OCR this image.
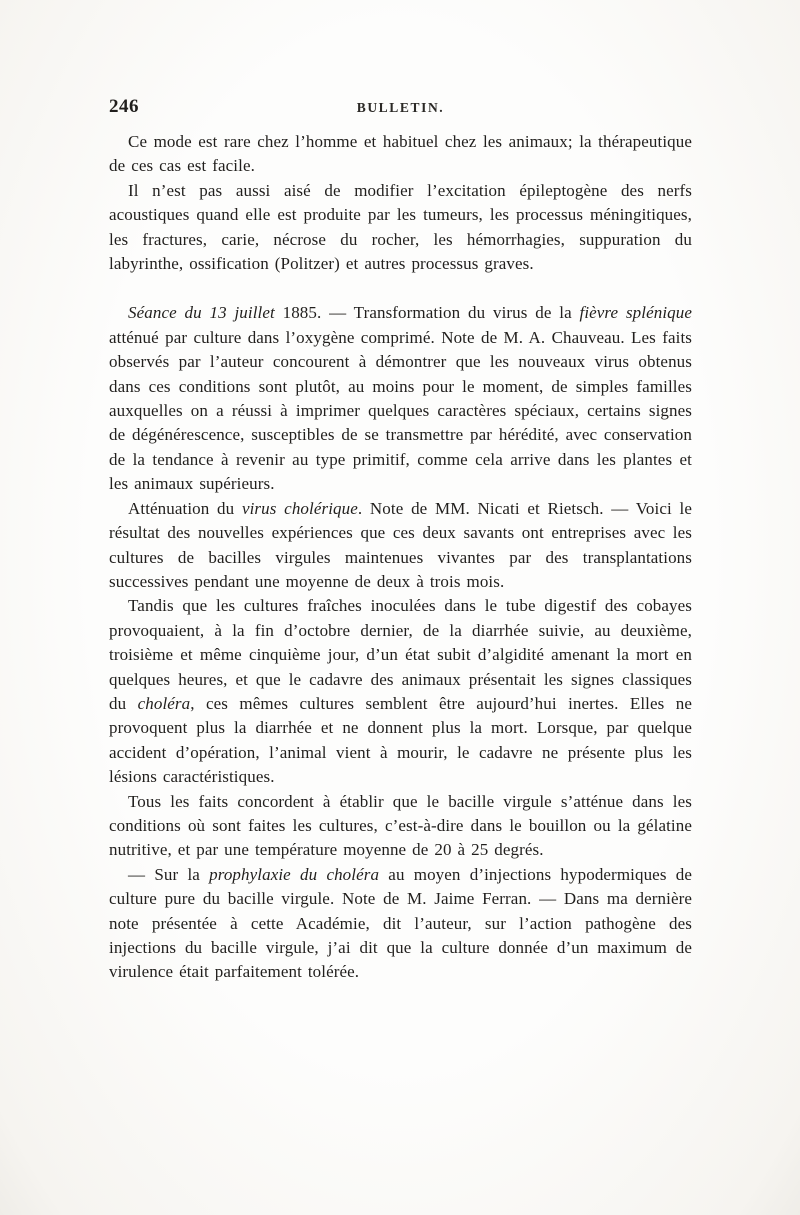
246	BULLETIN.

Ce mode est rare chez l’homme et habituel chez les animaux; la thérapeutique de ces cas est facile.

Il n’est pas aussi aisé de modifier l’excitation épileptogène des nerfs acoustiques quand elle est produite par les tumeurs, les processus méningitiques, les fractures, carie, nécrose du rocher, les hémorrhagies, suppuration du labyrinthe, ossification (Politzer) et autres processus graves.

Séance du 13 juillet 1885. — Transformation du virus de la fièvre splénique atténué par culture dans l’oxygène comprimé. Note de M. A. Chauveau. Les faits observés par l’auteur concourent à démontrer que les nouveaux virus obtenus dans ces conditions sont plutôt, au moins pour le moment, de simples familles auxquelles on a réussi à imprimer quelques caractères spéciaux, certains signes de dégénérescence, susceptibles de se transmettre par hérédité, avec conservation de la tendance à revenir au type primitif, comme cela arrive dans les plantes et les animaux supérieurs.

Atténuation du virus cholérique. Note de MM. Nicati et Rietsch. — Voici le résultat des nouvelles expériences que ces deux savants ont entreprises avec les cultures de bacilles virgules maintenues vivantes par des transplantations successives pendant une moyenne de deux à trois mois.

Tandis que les cultures fraîches inoculées dans le tube digestif des cobayes provoquaient, à la fin d’octobre dernier, de la diarrhée suivie, au deuxième, troisième et même cinquième jour, d’un état subit d’algidité amenant la mort en quelques heures, et que le cadavre des animaux présentait les signes classiques du choléra, ces mêmes cultures semblent être aujourd’hui inertes. Elles ne provoquent plus la diarrhée et ne donnent plus la mort. Lorsque, par quelque accident d’opération, l’animal vient à mourir, le cadavre ne présente plus les lésions caractéristiques.

Tous les faits concordent à établir que le bacille virgule s’atténue dans les conditions où sont faites les cultures, c’est-à-dire dans le bouillon ou la gélatine nutritive, et par une température moyenne de 20 à 25 degrés.

— Sur la prophylaxie du choléra au moyen d’injections hypodermiques de culture pure du bacille virgule. Note de M. Jaime Ferran. — Dans ma dernière note présentée à cette Académie, dit l’auteur, sur l’action pathogène des injections du bacille virgule, j’ai dit que la culture donnée d’un maximum de virulence était parfaitement tolérée.
